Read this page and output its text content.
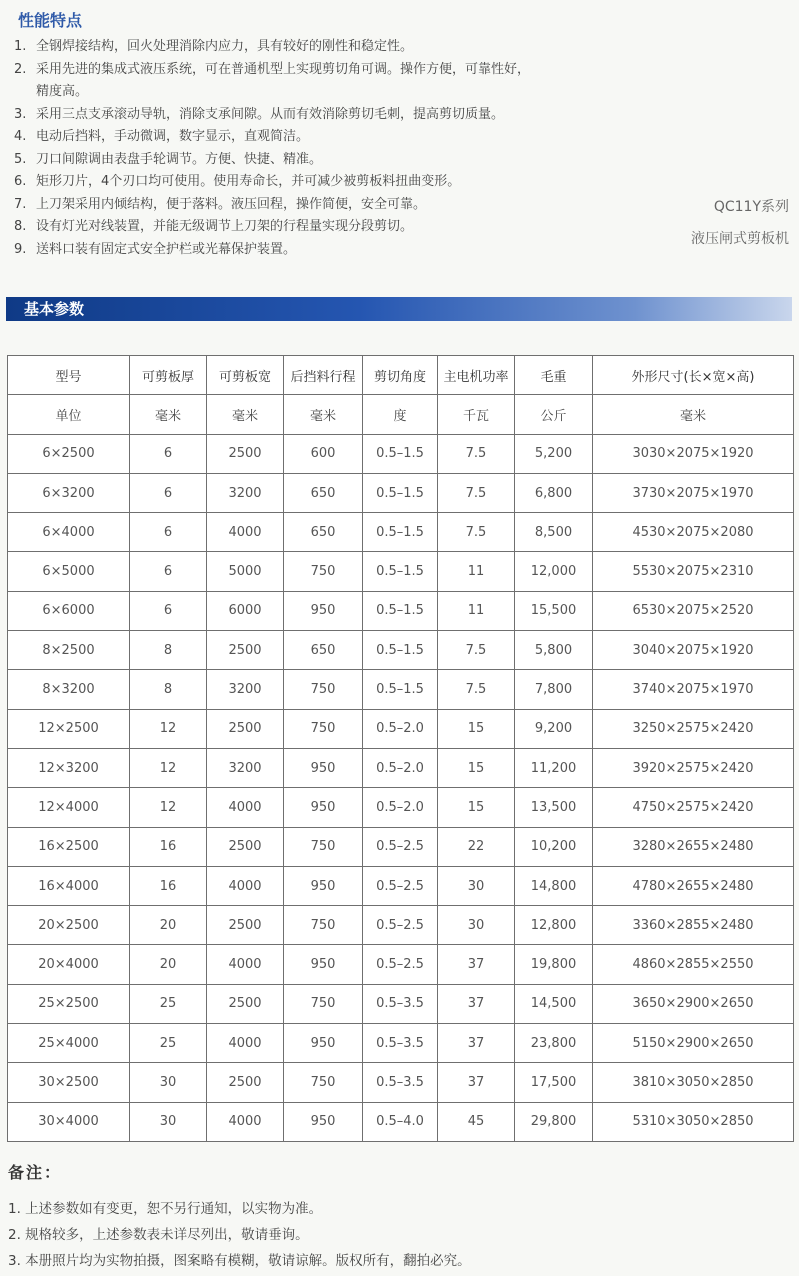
性能特点
1. 全钢焊接结构，回火处理消除内应力，具有较好的刚性和稳定性。
2. 采用先进的集成式液压系统，可在普通机型上实现剪切角可调。操作方便，可靠性好，精度高。
3. 采用三点支承滚动导轨，消除支承间隙。从而有效消除剪切毛刺，提高剪切质量。
4. 电动后挡料，手动微调，数字显示，直观简洁。
5. 刀口间隙调由表盘手轮调节。方便、快捷、精准。
6. 矩形刀片，4个刃口均可使用。使用寿命长，并可减少被剪板料扭曲变形。
7. 上刀架采用内倾结构，便于落料。液压回程，操作简便，安全可靠。
8. 设有灯光对线装置，并能无级调节上刀架的行程量实现分段剪切。
9. 送料口装有固定式安全护栏或光幕保护装置。
QC11Y系列
液压闸式剪板机
基本参数
型号	可剪板厚	可剪板宽	后挡料行程	剪切角度	主电机功率	毛重	外形尺寸(长×宽×高)
单位	毫米	毫米	毫米	度	千瓦	公斤	毫米
6×2500	6	2500	600	0.5–1.5	7.5	5,200	3030×2075×1920
6×3200	6	3200	650	0.5–1.5	7.5	6,800	3730×2075×1970
6×4000	6	4000	650	0.5–1.5	7.5	8,500	4530×2075×2080
6×5000	6	5000	750	0.5–1.5	11	12,000	5530×2075×2310
6×6000	6	6000	950	0.5–1.5	11	15,500	6530×2075×2520
8×2500	8	2500	650	0.5–1.5	7.5	5,800	3040×2075×1920
8×3200	8	3200	750	0.5–1.5	7.5	7,800	3740×2075×1970
12×2500	12	2500	750	0.5–2.0	15	9,200	3250×2575×2420
12×3200	12	3200	950	0.5–2.0	15	11,200	3920×2575×2420
12×4000	12	4000	950	0.5–2.0	15	13,500	4750×2575×2420
16×2500	16	2500	750	0.5–2.5	22	10,200	3280×2655×2480
16×4000	16	4000	950	0.5–2.5	30	14,800	4780×2655×2480
20×2500	20	2500	750	0.5–2.5	30	12,800	3360×2855×2480
20×4000	20	4000	950	0.5–2.5	37	19,800	4860×2855×2550
25×2500	25	2500	750	0.5–3.5	37	14,500	3650×2900×2650
25×4000	25	4000	950	0.5–3.5	37	23,800	5150×2900×2650
30×2500	30	2500	750	0.5–3.5	37	17,500	3810×3050×2850
30×4000	30	4000	950	0.5–4.0	45	29,800	5310×3050×2850
备注：
1. 上述参数如有变更，恕不另行通知，以实物为准。
2. 规格较多，上述参数表未详尽列出，敬请垂询。
3. 本册照片均为实物拍摄，图案略有模糊，敬请谅解。版权所有，翻拍必究。
